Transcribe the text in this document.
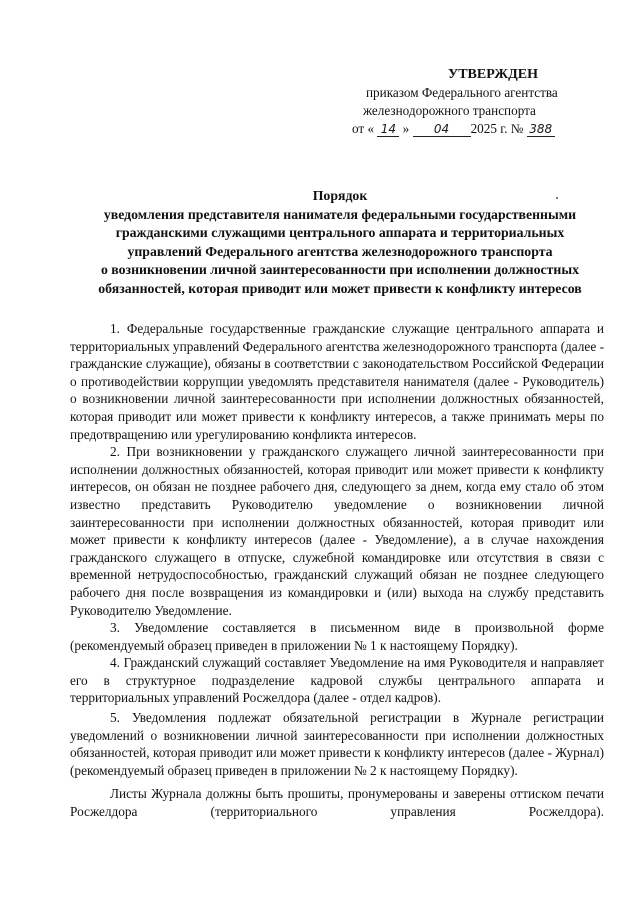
УТВЕРЖДЕН
приказом Федерального агентства
железнодорожного транспорта
от « 14 » 04 2025 г. № 388
Порядок
уведомления представителя нанимателя федеральными государственными
гражданскими служащими центрального аппарата и территориальных
управлений Федерального агентства железнодорожного транспорта
о возникновении личной заинтересованности при исполнении должностных
обязанностей, которая приводит или может привести к конфликту интересов

1. Федеральные государственные гражданские служащие центрального аппарата и территориальных управлений Федерального агентства железнодорожного транспорта (далее - гражданские служащие), обязаны в соответствии с законодательством Российской Федерации о противодействии коррупции уведомлять представителя нанимателя (далее - Руководитель) о возникновении личной заинтересованности при исполнении должностных обязанностей, которая приводит или может привести к конфликту интересов, а также принимать меры по предотвращению или урегулированию конфликта интересов.

2. При возникновении у гражданского служащего личной заинтересованности при исполнении должностных обязанностей, которая приводит или может привести к конфликту интересов, он обязан не позднее рабочего дня, следующего за днем, когда ему стало об этом известно представить Руководителю уведомление о возникновении личной заинтересованности при исполнении должностных обязанностей, которая приводит или может привести к конфликту интересов (далее - Уведомление), а в случае нахождения гражданского служащего в отпуске, служебной командировке или отсутствия в связи с временной нетрудоспособностью, гражданский служащий обязан не позднее следующего рабочего дня после возвращения из командировки и (или) выхода на службу представить Руководителю Уведомление.

3. Уведомление составляется в письменном виде в произвольной форме (рекомендуемый образец приведен в приложении № 1 к настоящему Порядку).

4. Гражданский служащий составляет Уведомление на имя Руководителя и направляет его в структурное подразделение кадровой службы центрального аппарата и территориальных управлений Росжелдора (далее - отдел кадров).

5. Уведомления подлежат обязательной регистрации в Журнале регистрации уведомлений о возникновении личной заинтересованности при исполнении должностных обязанностей, которая приводит или может привести к конфликту интересов (далее - Журнал) (рекомендуемый образец приведен в приложении № 2 к настоящему Порядку).

Листы Журнала должны быть прошиты, пронумерованы и заверены оттиском печати Росжелдора (территориального управления Росжелдора).
